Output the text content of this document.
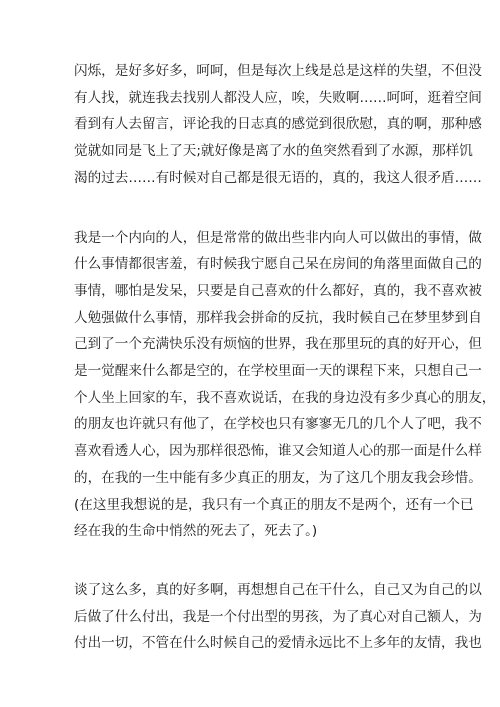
闪烁，是好多好多，呵呵，但是每次上线是总是这样的失望，不但没
有人找，就连我去找别人都没人应，唉，失败啊……呵呵，逛着空间
看到有人去留言，评论我的日志真的感觉到很欣慰，真的啊，那种感
觉就如同是飞上了天;就好像是离了水的鱼突然看到了水源，那样饥
渴的过去……有时候对自己都是很无语的，真的，我这人很矛盾……
我是一个内向的人，但是常常的做出些非内向人可以做出的事情，做
什么事情都很害羞，有时候我宁愿自己呆在房间的角落里面做自己的
事情，哪怕是发呆，只要是自己喜欢的什么都好，真的，我不喜欢被
人勉强做什么事情，那样我会拼命的反抗，我时候自己在梦里梦到自
己到了一个充满快乐没有烦恼的世界，我在那里玩的真的好开心，但
是一觉醒来什么都是空的，在学校里面一天的课程下来，只想自己一
个人坐上回家的车，我不喜欢说话，在我的身边没有多少真心的朋友，
的朋友也许就只有他了，在学校也只有寥寥无几的几个人了吧，我不
喜欢看透人心，因为那样很恐怖，谁又会知道人心的那一面是什么样
的，在我的一生中能有多少真正的朋友，为了这几个朋友我会珍惜。
(在这里我想说的是，我只有一个真正的朋友不是两个，还有一个已
经在我的生命中悄然的死去了，死去了。)
谈了这么多，真的好多啊，再想想自己在干什么，自己又为自己的以
后做了什么付出，我是一个付出型的男孩，为了真心对自己额人，为
付出一切，不管在什么时候自己的爱情永远比不上多年的友情，我也
